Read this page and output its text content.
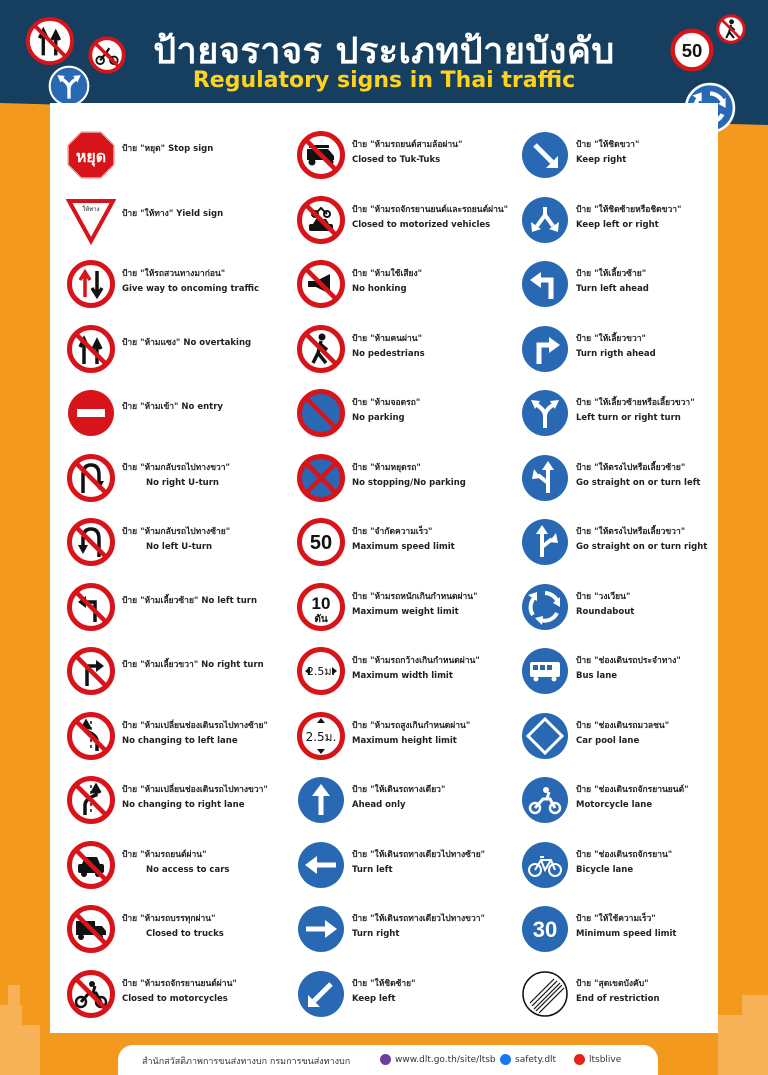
ป้ายจราจร ประเภทป้ายบังคับ
Regulatory signs in Thai traffic
50
หยุด ป้าย "หยุด" Stop sign
ให้ทาง	ป้าย "ให้ทาง" Yield sign
ป้าย "ให้รถสวนทางมาก่อน"
Give way to oncoming traffic
ป้าย "ห้ามแซง" No overtaking
ป้าย "ห้ามเข้า" No entry
ป้าย "ห้ามกลับรถไปทางขวา"
No right U-turn
ป้าย "ห้ามกลับรถไปทางซ้าย"
No left U-turn
ป้าย "ห้ามเลี้ยวซ้าย" No left turn
ป้าย "ห้ามเลี้ยวขวา" No right turn
ป้าย "ห้ามเปลี่ยนช่องเดินรถไปทางซ้าย"
No changing to left lane
ป้าย "ห้ามเปลี่ยนช่องเดินรถไปทางขวา"
No changing to right lane
ป้าย "ห้ามรถยนต์ผ่าน"
No access to cars
ป้าย "ห้ามรถบรรทุกผ่าน"
Closed to trucks
ป้าย "ห้ามรถจักรยานยนต์ผ่าน"
Closed to motorcycles
ป้าย "ห้ามรถยนต์สามล้อผ่าน"
Closed to Tuk-Tuks
ป้าย "ห้ามรถจักรยานยนต์และรถยนต์ผ่าน"
Closed to motorized vehicles
ป้าย "ห้ามใช้เสียง"
No honking
ป้าย "ห้ามคนผ่าน"
No pedestrians
ป้าย "ห้ามจอดรถ"
No parking
ป้าย "ห้ามหยุดรถ"
No stopping/No parking
50 ป้าย "จำกัดความเร็ว"
Maximum speed limit
10
ตัน
ป้าย "ห้ามรถหนักเกินกำหนดผ่าน"
Maximum weight limit
2.5ม.
ป้าย "ห้ามรถกว้างเกินกำหนดผ่าน"
Maximum width limit
2.5ม.
ป้าย "ห้ามรถสูงเกินกำหนดผ่าน"
Maximum height limit
ป้าย "ให้เดินรถทางเดียว"
Ahead only
ป้าย "ให้เดินรถทางเดียวไปทางซ้าย"
Turn left
ป้าย "ให้เดินรถทางเดียวไปทางขวา"
Turn right
ป้าย "ให้ชิดซ้าย"
Keep left
ป้าย "ให้ชิดขวา"
Keep right
ป้าย "ให้ชิดซ้ายหรือชิดขวา"
Keep left or right
ป้าย "ให้เลี้ยวซ้าย"
Turn left ahead
ป้าย "ให้เลี้ยวขวา"
Turn rigth ahead
ป้าย "ให้เลี้ยวซ้ายหรือเลี้ยวขวา"
Left turn or right turn
ป้าย "ให้ตรงไปหรือเลี้ยวซ้าย"
Go straight on or turn left
ป้าย "ให้ตรงไปหรือเลี้ยวขวา"
Go straight on or turn right
ป้าย "วงเวียน"
Roundabout
ป้าย "ช่องเดินรถประจำทาง"
Bus lane
ป้าย "ช่องเดินรถมวลชน"
Car pool lane
ป้าย "ช่องเดินรถจักรยานยนต์"
Motorcycle lane
ป้าย "ช่องเดินรถจักรยาน"
Bicycle lane
30 ป้าย "ให้ใช้ความเร็ว"
Minimum speed limit
ป้าย "สุดเขตบังคับ"
End of restriction
สำนักสวัสดิภาพการขนส่งทางบก กรมการขนส่งทางบก	www.dlt.go.th/site/ltsb	safety.dlt	ltsblive
